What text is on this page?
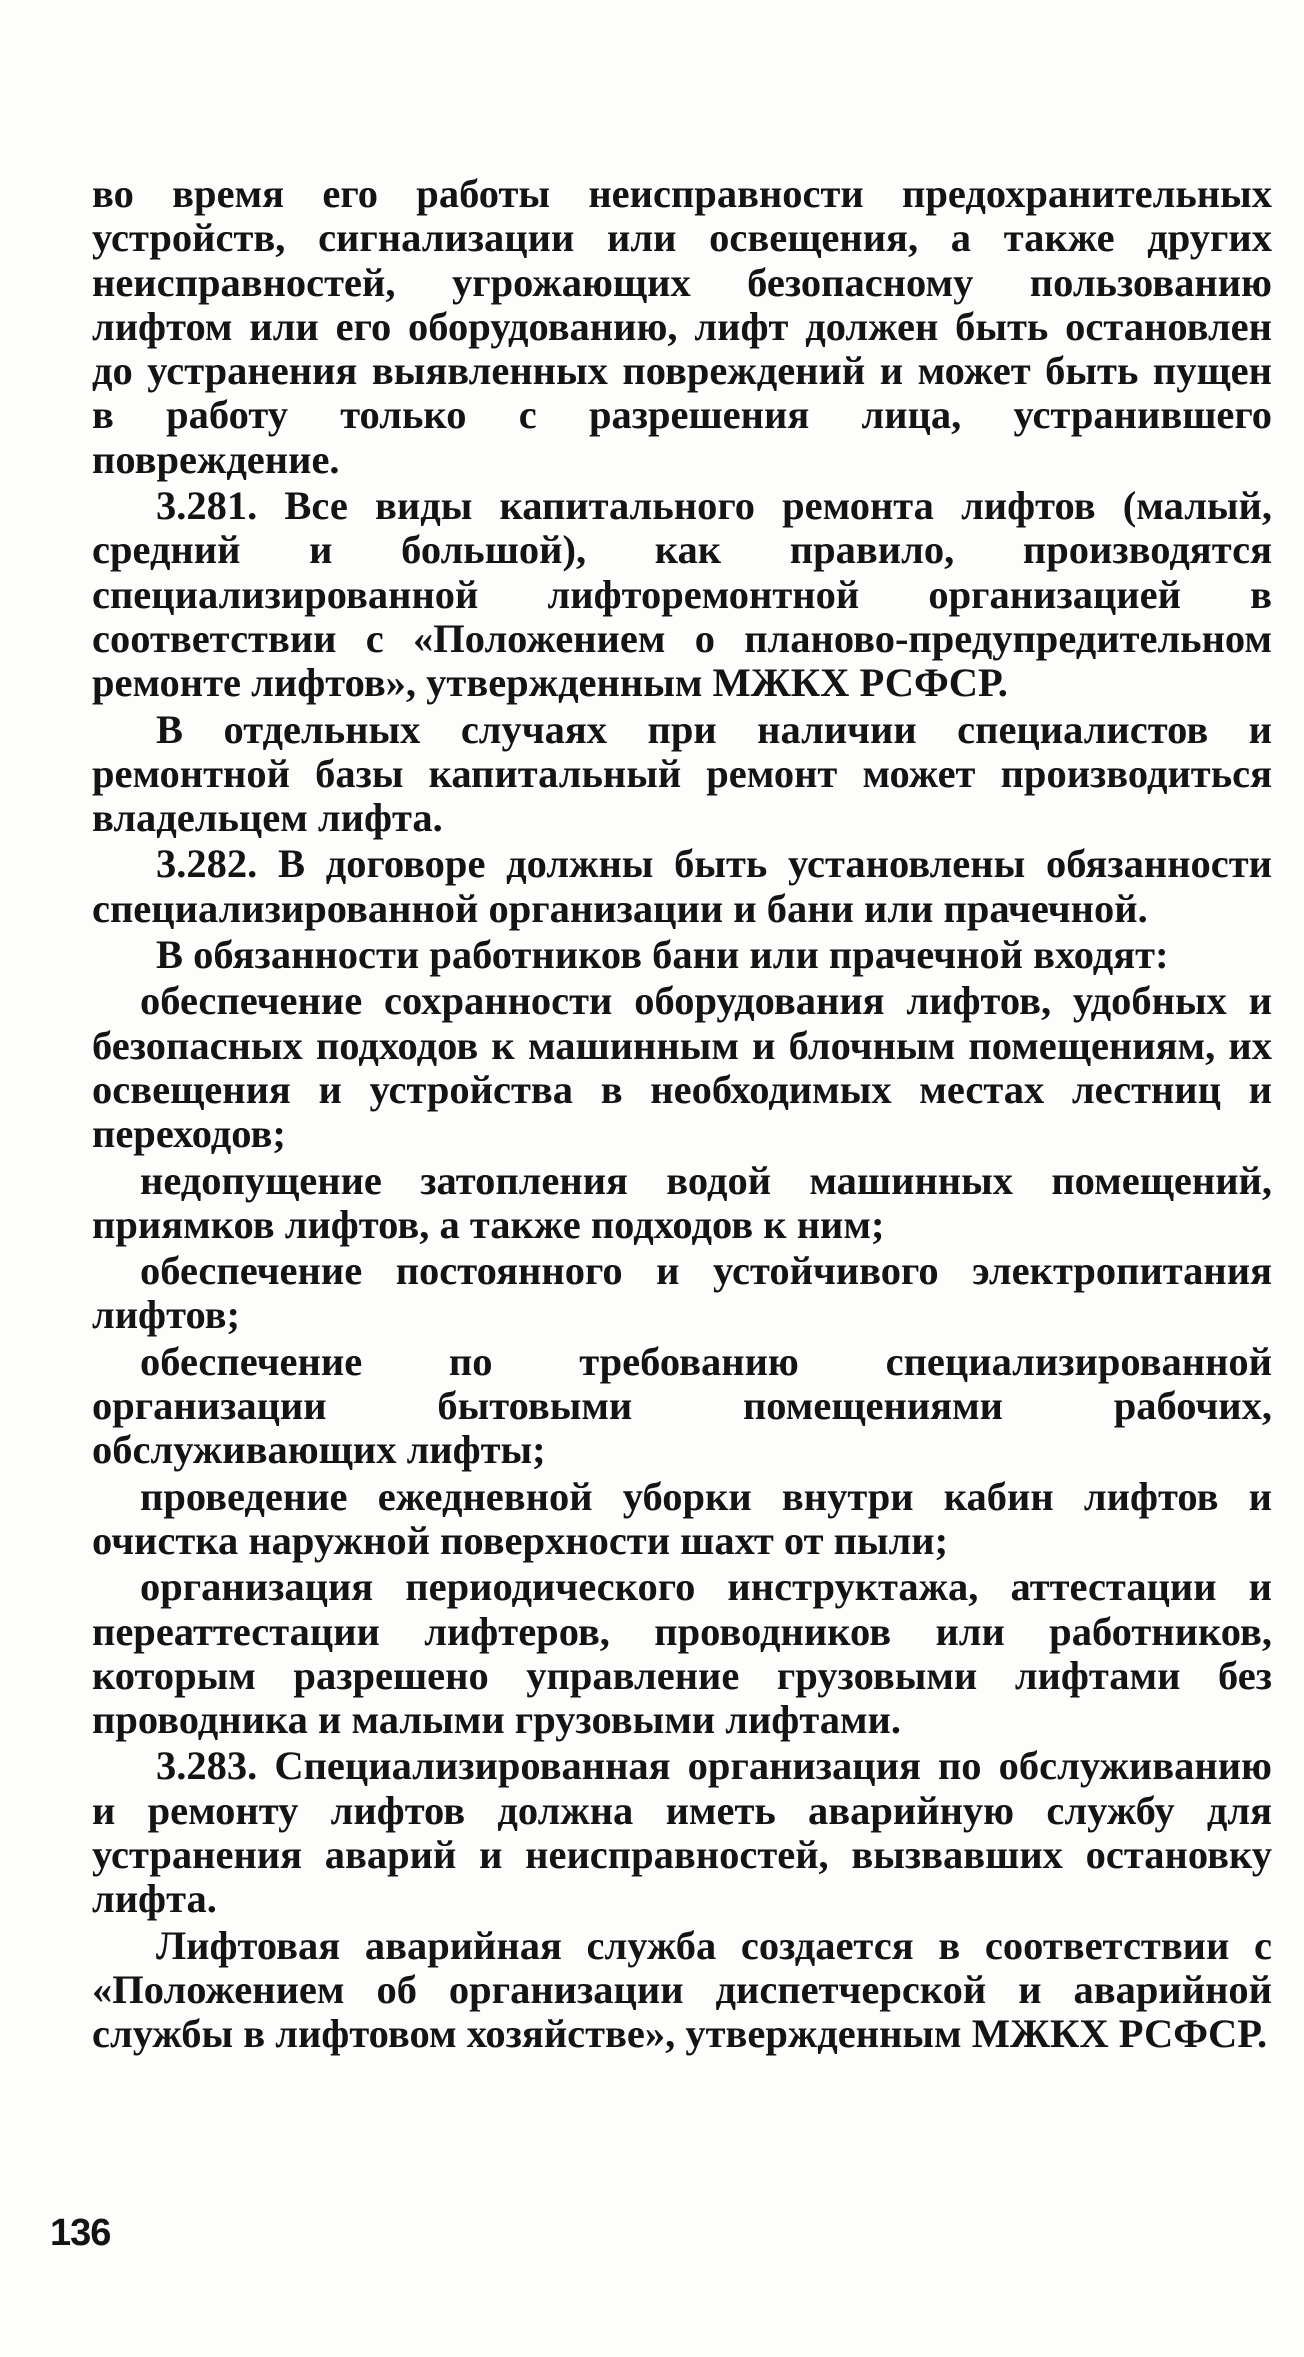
во время его работы неисправности предохранительных устройств, сигнализации или освещения, а также других неисправностей, угрожающих безопасному пользованию лифтом или его оборудованию, лифт должен быть остановлен до устранения выявленных повреждений и может быть пущен в работу только с разрешения лица, устранившего повреждение.

3.281. Все виды капитального ремонта лифтов (малый, средний и большой), как правило, производятся специализированной лифторемонтной организацией в соответствии с «Положением о планово-предупредительном ремонте лифтов», утвержденным МЖКХ РСФСР.

В отдельных случаях при наличии специалистов и ремонтной базы капитальный ремонт может производиться владельцем лифта.

3.282. В договоре должны быть установлены обязанности специализированной организации и бани или прачечной.

В обязанности работников бани или прачечной входят:

обеспечение сохранности оборудования лифтов, удобных и безопасных подходов к машинным и блочным помещениям, их освещения и устройства в необходимых местах лестниц и переходов;

недопущение затопления водой машинных помещений, приямков лифтов, а также подходов к ним;

обеспечение постоянного и устойчивого электропитания лифтов;

обеспечение по требованию специализированной организации бытовыми помещениями рабочих, обслуживающих лифты;

проведение ежедневной уборки внутри кабин лифтов и очистка наружной поверхности шахт от пыли;

организация периодического инструктажа, аттестации и переаттестации лифтеров, проводников или работников, которым разрешено управление грузовыми лифтами без проводника и малыми грузовыми лифтами.

3.283. Специализированная организация по обслуживанию и ремонту лифтов должна иметь аварийную службу для устранения аварий и неисправностей, вызвавших остановку лифта.

Лифтовая аварийная служба создается в соответствии с «Положением об организации диспетчерской и аварийной службы в лифтовом хозяйстве», утвержденным МЖКХ РСФСР.

136
